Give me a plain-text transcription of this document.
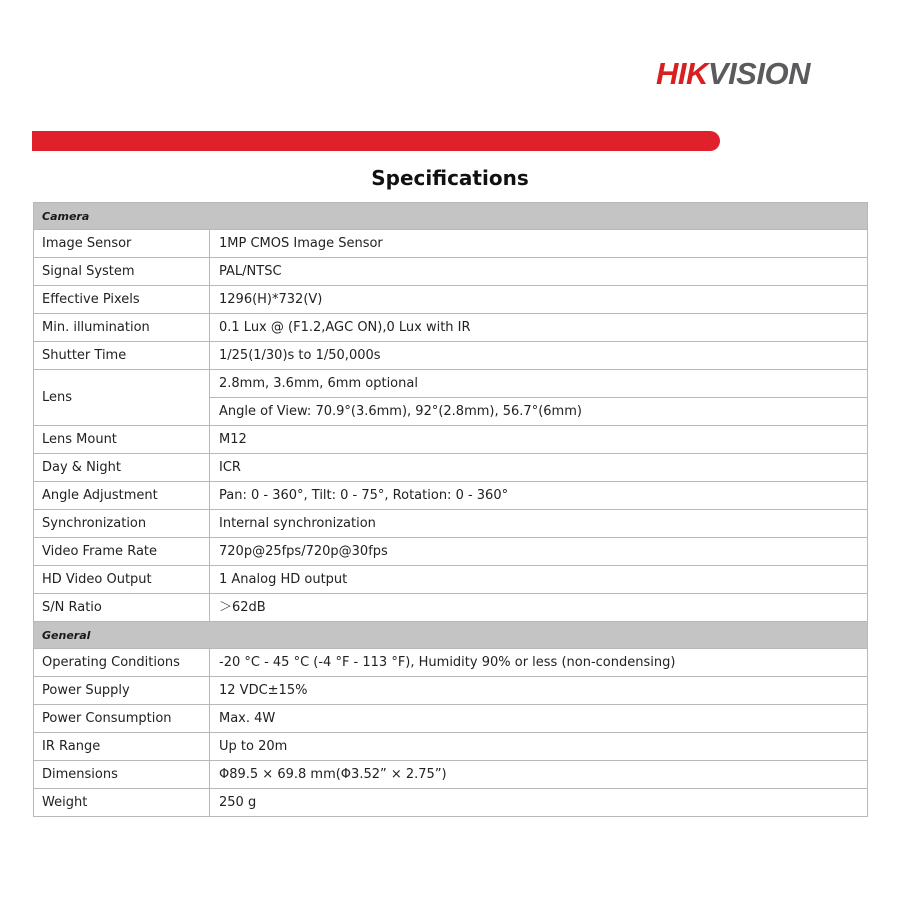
HIKVISION
Specifications
Camera	
Image Sensor	1MP CMOS Image Sensor
Signal System	PAL/NTSC
Effective Pixels	1296(H)*732(V)
Min. illumination	0.1 Lux @ (F1.2,AGC ON),0 Lux with IR
Shutter Time	1/25(1/30)s to 1/50,000s
Lens	2.8mm, 3.6mm, 6mm optional
	Angle of View: 70.9°(3.6mm), 92°(2.8mm), 56.7°(6mm)
Lens Mount	M12
Day & Night	ICR
Angle Adjustment	Pan: 0 - 360°, Tilt: 0 - 75°, Rotation: 0 - 360°
Synchronization	Internal synchronization
Video Frame Rate	720p@25fps/720p@30fps
HD Video Output	1 Analog HD output
S/N Ratio	＞62dB
General	
Operating Conditions	-20 °C - 45 °C (-4 °F - 113 °F), Humidity 90% or less (non-condensing)
Power Supply	12 VDC±15%
Power Consumption	Max. 4W
IR Range	Up to 20m
Dimensions	Φ89.5 × 69.8 mm(Φ3.52” × 2.75”)
Weight	250 g
